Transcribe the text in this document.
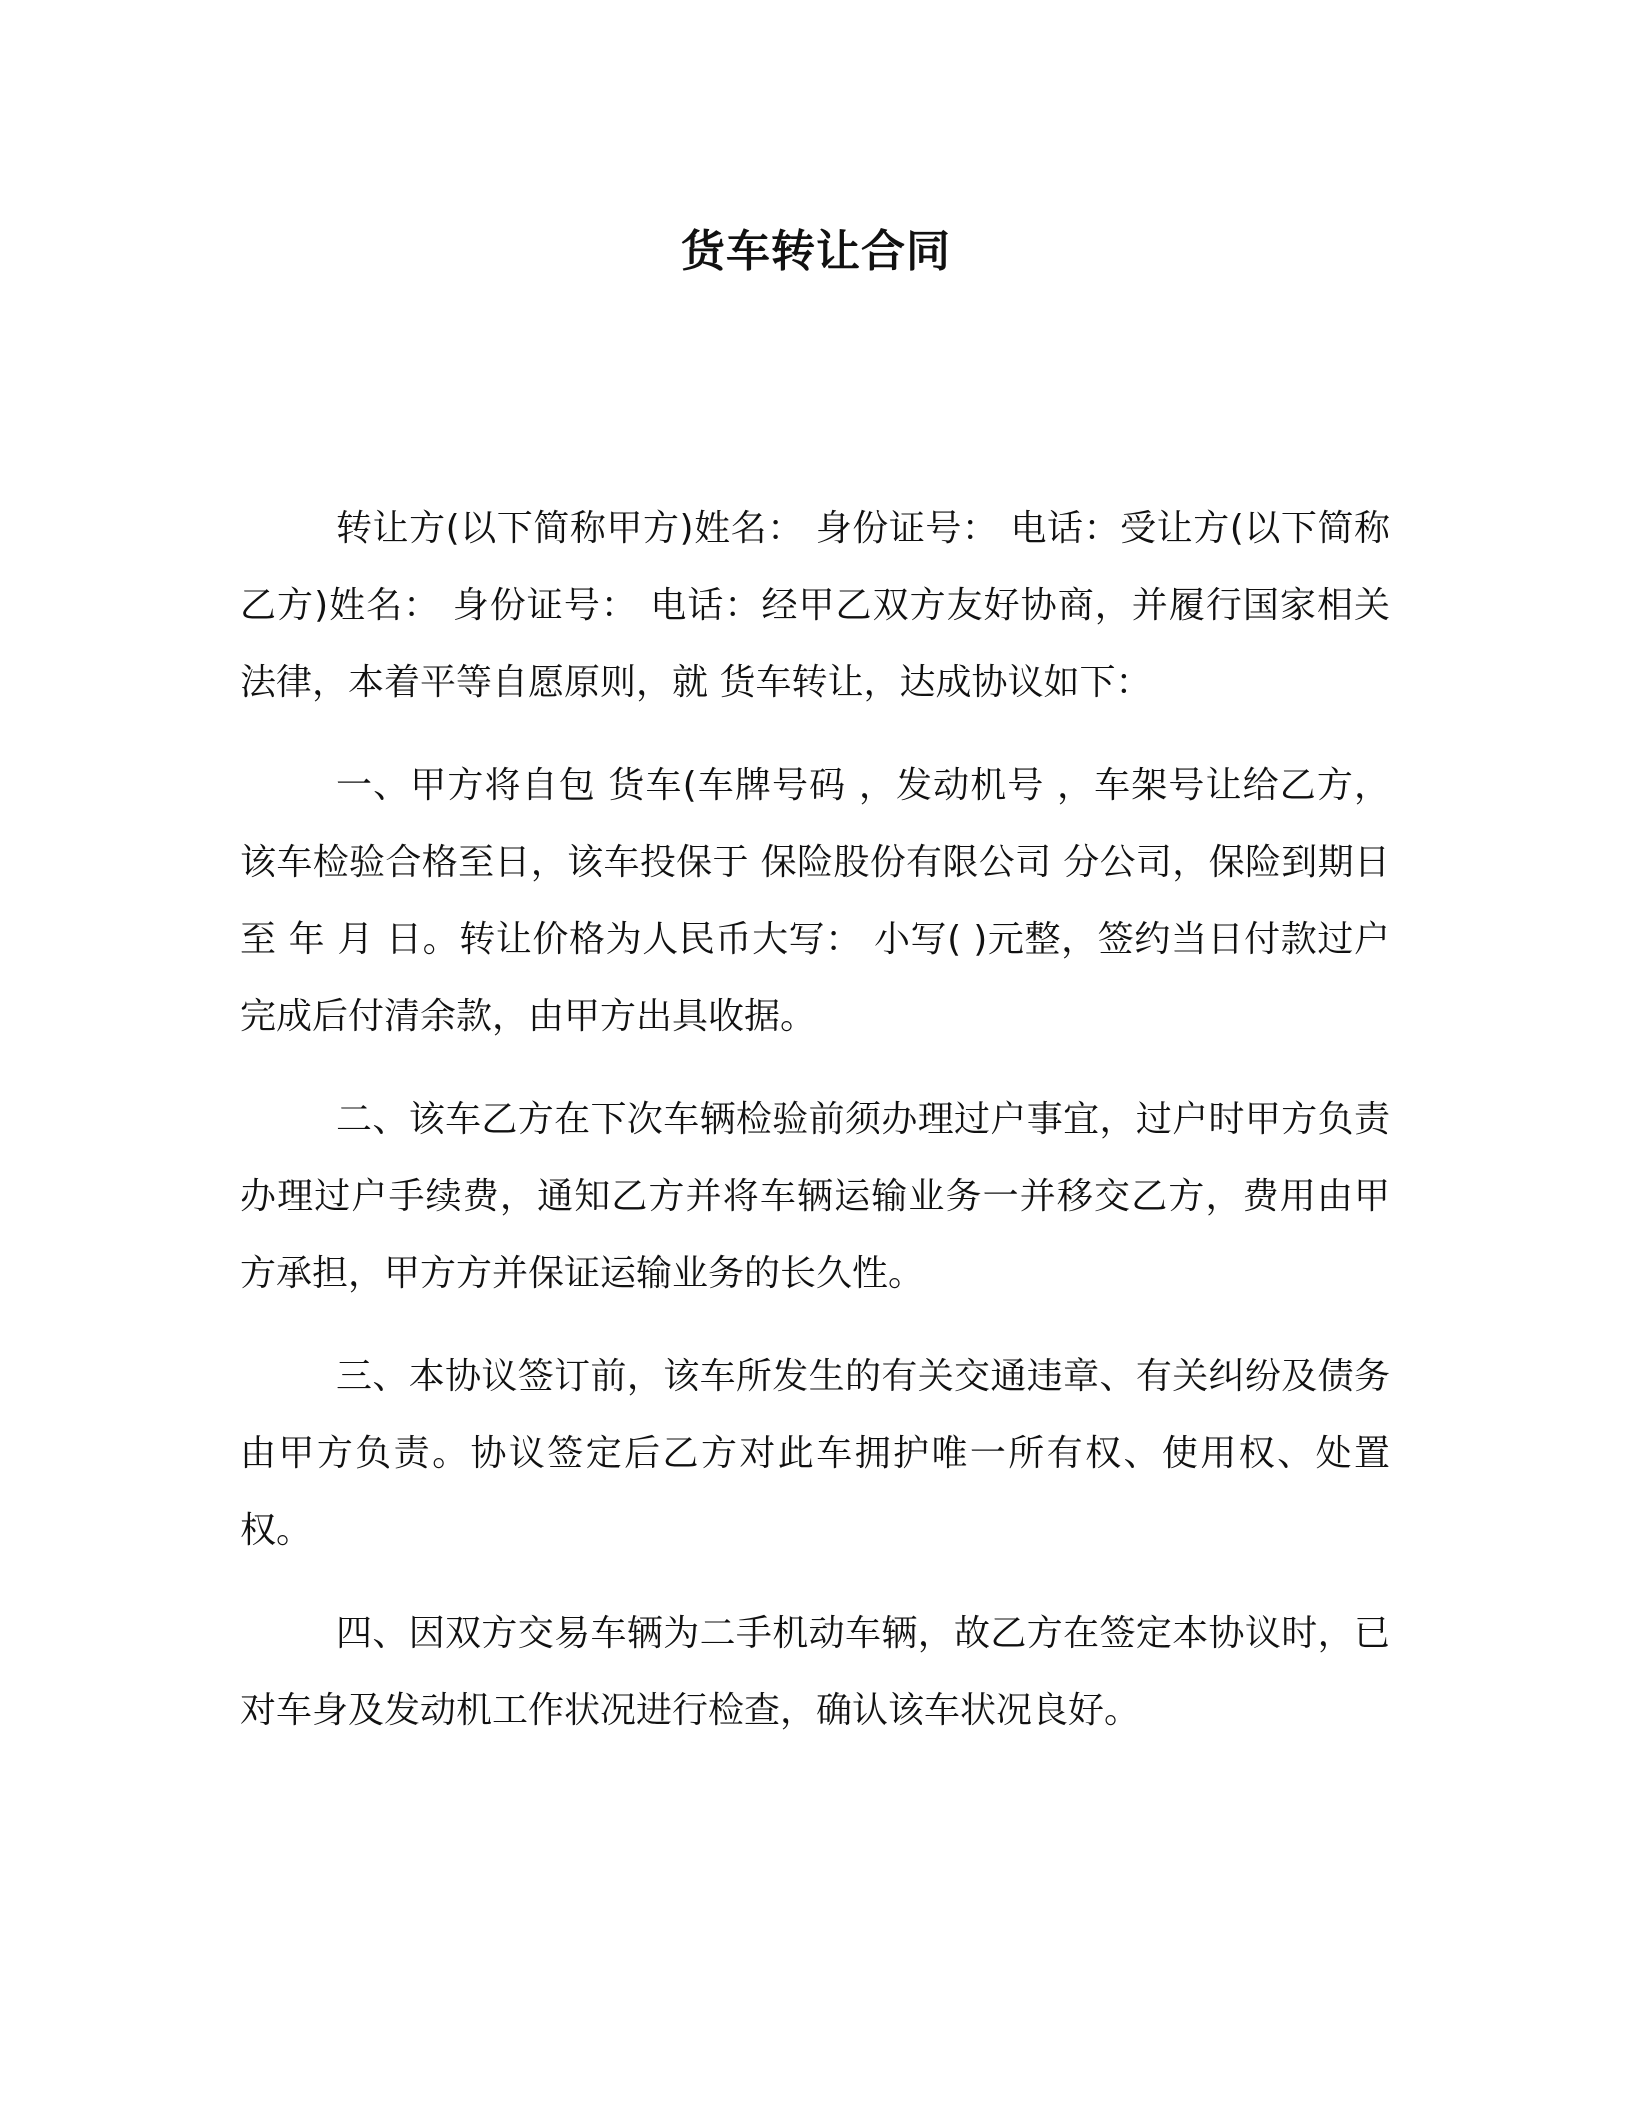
货车转让合同

转让方(以下简称甲方)姓名： 身份证号： 电话：受让方(以下简称乙方)姓名： 身份证号： 电话：经甲乙双方友好协商，并履行国家相关法律，本着平等自愿原则，就 货车转让，达成协议如下：

一、甲方将自包 货车(车牌号码 ，发动机号 ，车架号让给乙方，该车检验合格至日，该车投保于 保险股份有限公司 分公司，保险到期日至 年 月 日。转让价格为人民币大写： 小写( )元整，签约当日付款过户完成后付清余款，由甲方出具收据。

二、该车乙方在下次车辆检验前须办理过户事宜，过户时甲方负责办理过户手续费，通知乙方并将车辆运输业务一并移交乙方，费用由甲方承担，甲方方并保证运输业务的长久性。

三、本协议签订前，该车所发生的有关交通违章、有关纠纷及债务由甲方负责。协议签定后乙方对此车拥护唯一所有权、使用权、处置权。

四、因双方交易车辆为二手机动车辆，故乙方在签定本协议时，已对车身及发动机工作状况进行检查，确认该车状况良好。
